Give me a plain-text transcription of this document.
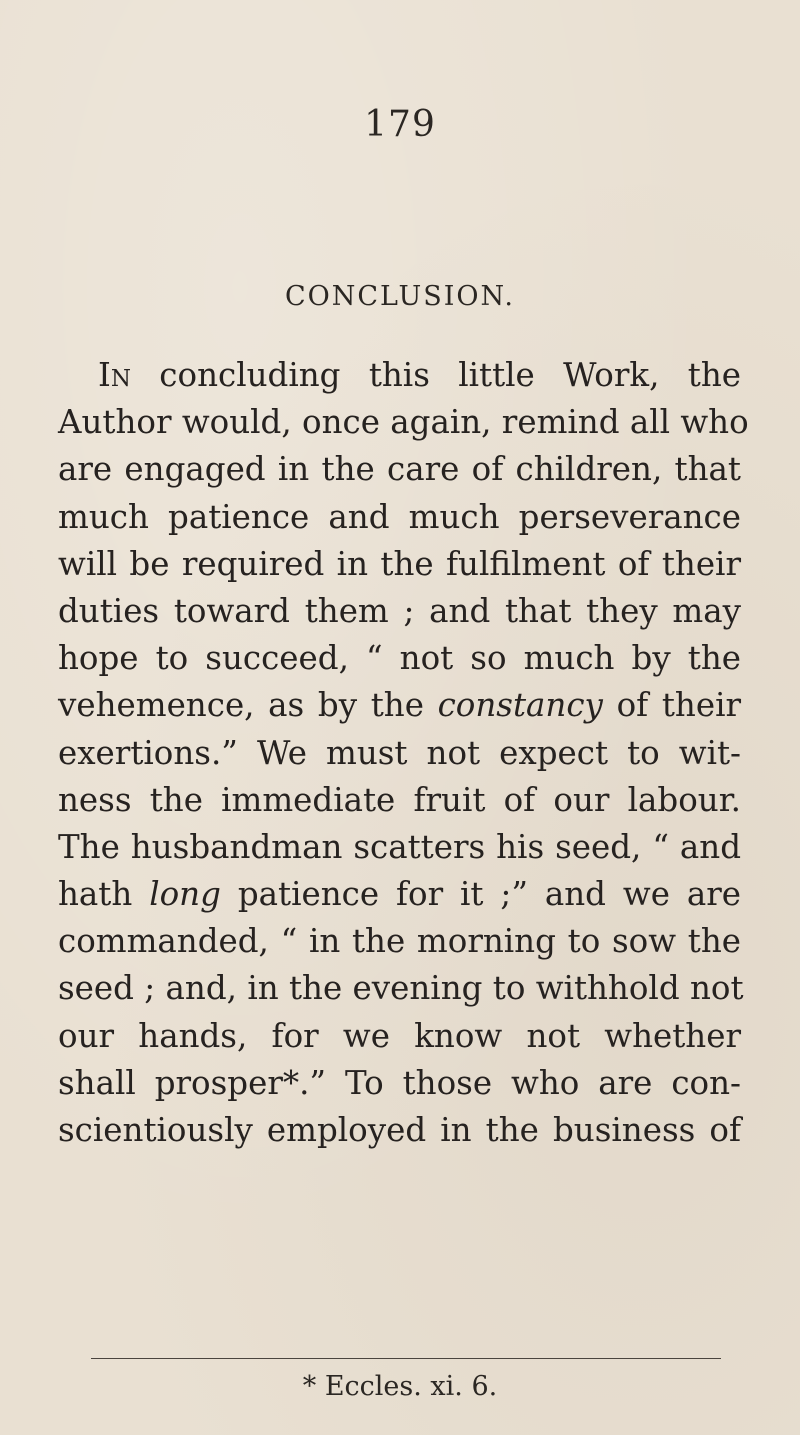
179
CONCLUSION.
In concluding this little Work, the
Author would, once again, remind all who
are engaged in the care of children, that
much patience and much perseverance
will be required in the fulfilment of their
duties toward them ; and that they may
hope to succeed, “ not so much by the
vehemence, as by the constancy of their
exertions.” We must not expect to wit-
ness the immediate fruit of our labour.
The husbandman scatters his seed, “ and
hath long patience for it ;” and we are
commanded, “ in the morning to sow the
seed ; and, in the evening to withhold not
our hands, for we know not whether
shall prosper*.” To those who are con-
scientiously employed in the business of
* Eccles. xi. 6.
